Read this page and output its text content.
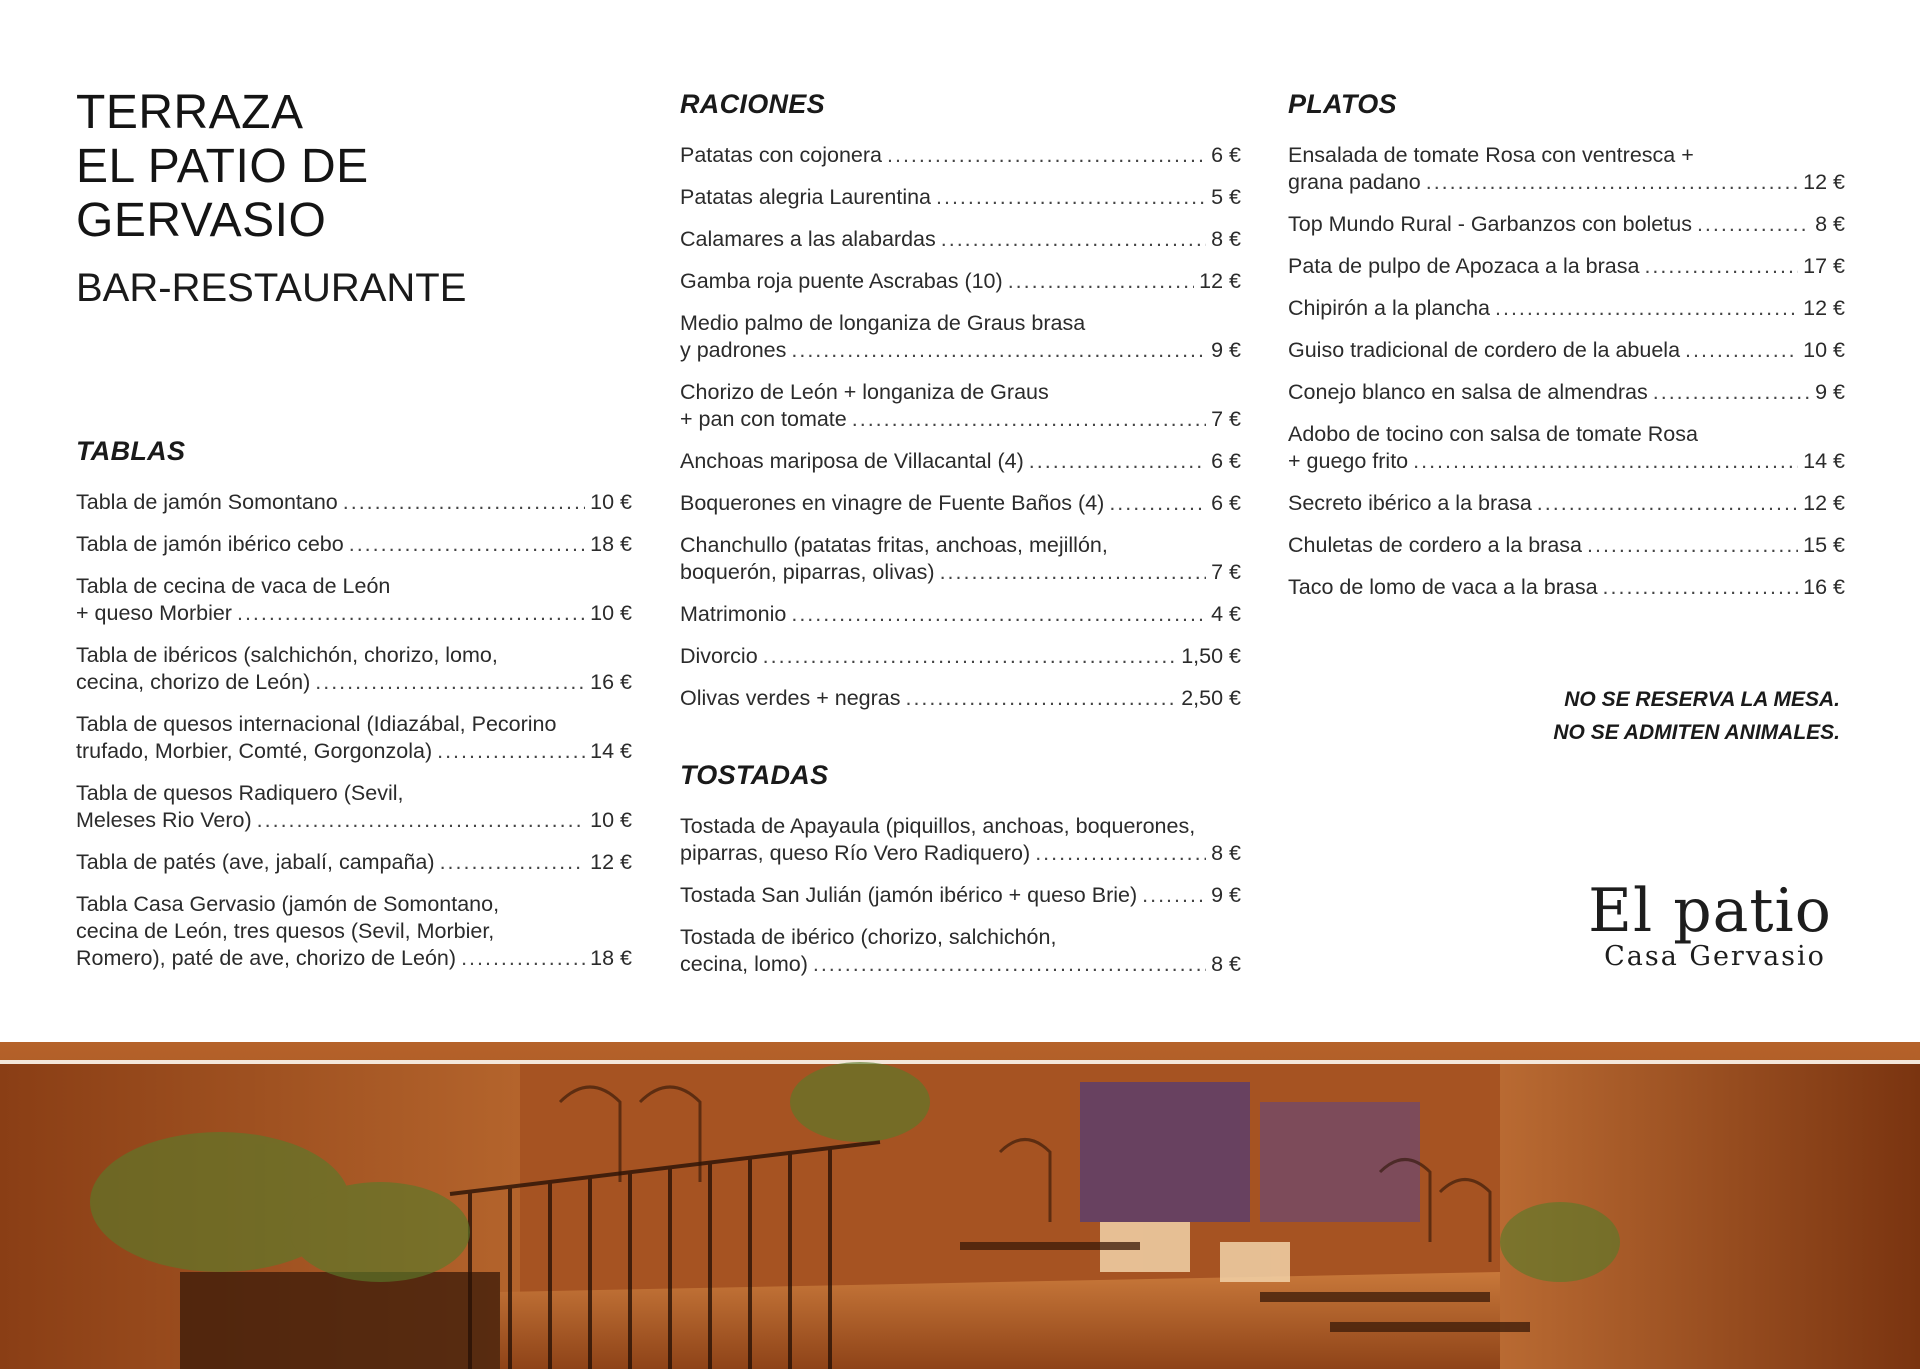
TERRAZA
EL PATIO DE
GERVASIO
BAR-RESTAURANTE
TABLAS
Tabla de jamón Somontano .....	10 €
Tabla de jamón ibérico cebo .....	18 €
Tabla de cecina de vaca de León
+ queso Morbier .....	10 €
Tabla de ibéricos (salchichón, chorizo, lomo,
cecina, chorizo de León) .....	16 €
Tabla de quesos internacional (Idiazábal, Pecorino
trufado, Morbier, Comté, Gorgonzola) .....	14 €
Tabla de quesos Radiquero (Sevil,
Meleses Rio Vero) .....	10 €
Tabla de patés (ave, jabalí, campaña) .....	12 €
Tabla Casa Gervasio (jamón de Somontano,
cecina de León, tres quesos (Sevil, Morbier,
Romero), paté de ave, chorizo de León) .....	18 €
RACIONES
Patatas con cojonera .....	6 €
Patatas alegria Laurentina .....	5 €
Calamares a las alabardas .....	8 €
Gamba roja puente Ascrabas (10) .....	12 €
Medio palmo de longaniza de Graus brasa
y padrones .....	9 €
Chorizo de León + longaniza de Graus
+ pan con tomate .....	7 €
Anchoas mariposa de Villacantal (4) .....	6 €
Boquerones en vinagre de Fuente Baños (4) .....	6 €
Chanchullo (patatas fritas, anchoas, mejillón,
boquerón, piparras, olivas) .....	7 €
Matrimonio .....	4 €
Divorcio .....	1,50 €
Olivas verdes + negras .....	2,50 €
TOSTADAS
Tostada de Apayaula (piquillos, anchoas, boquerones,
piparras, queso Río Vero Radiquero) .....	8 €
Tostada San Julián (jamón ibérico + queso Brie) .....	9 €
Tostada de ibérico (chorizo, salchichón,
cecina, lomo) .....	8 €
PLATOS
Ensalada de tomate Rosa con ventresca +
grana padano .....	12 €
Top Mundo Rural - Garbanzos con boletus .....	8 €
Pata de pulpo de Apozaca a la brasa .....	17 €
Chipirón a la plancha .....	12 €
Guiso tradicional de cordero de la abuela .....	10 €
Conejo blanco en salsa de almendras .....	9 €
Adobo de tocino con salsa de tomate Rosa
+ guego frito .....	14 €
Secreto ibérico a la brasa .....	12 €
Chuletas de cordero a la brasa .....	15 €
Taco de lomo de vaca a la brasa .....	16 €
NO SE RESERVA LA MESA.
NO SE ADMITEN ANIMALES.
El patio
Casa Gervasio
